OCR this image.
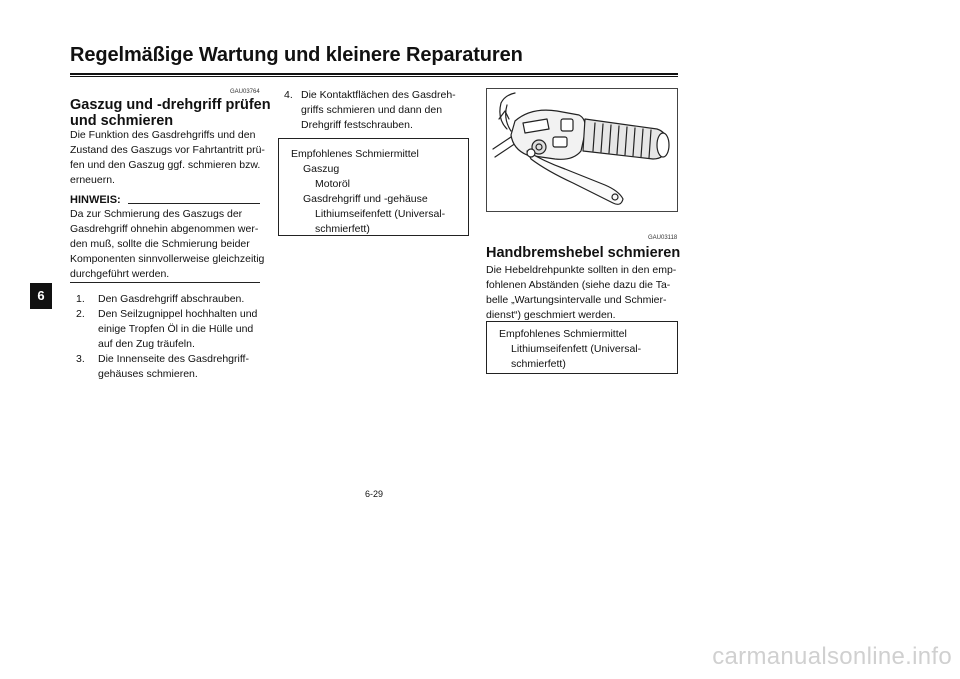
Regelmäßige Wartung und kleinere Reparaturen
6
GAU03764
Gaszug und -drehgriff prüfen
und schmieren
Die Funktion des Gasdrehgriffs und den
Zustand des Gaszugs vor Fahrtantritt prü-
fen und den Gaszug ggf. schmieren bzw.
erneuern.
HINWEIS:
Da zur Schmierung des Gaszugs der
Gasdrehgriff ohnehin abgenommen wer-
den muß, sollte die Schmierung beider
Komponenten sinnvollerweise gleichzeitig
durchgeführt werden.
1. Den Gasdrehgriff abschrauben.
2. Den Seilzugnippel hochhalten und
einige Tropfen Öl in die Hülle und
auf den Zug träufeln.
3. Die Innenseite des Gasdrehgriff-
gehäuses schmieren.
4. Die Kontaktflächen des Gasdreh-
griffs schmieren und dann den
Drehgriff festschrauben.
Empfohlenes Schmiermittel
Gaszug
Motoröl
Gasdrehgriff und -gehäuse
Lithiumseifenfett (Universal-
schmierfett)
GAU03118
Handbremshebel schmieren
Die Hebeldrehpunkte sollten in den emp-
fohlenen Abständen (siehe dazu die Ta-
belle „Wartungsintervalle und Schmier-
dienst“) geschmiert werden.
Empfohlenes Schmiermittel
Lithiumseifenfett (Universal-
schmierfett)
6-29
carmanualsonline.info
